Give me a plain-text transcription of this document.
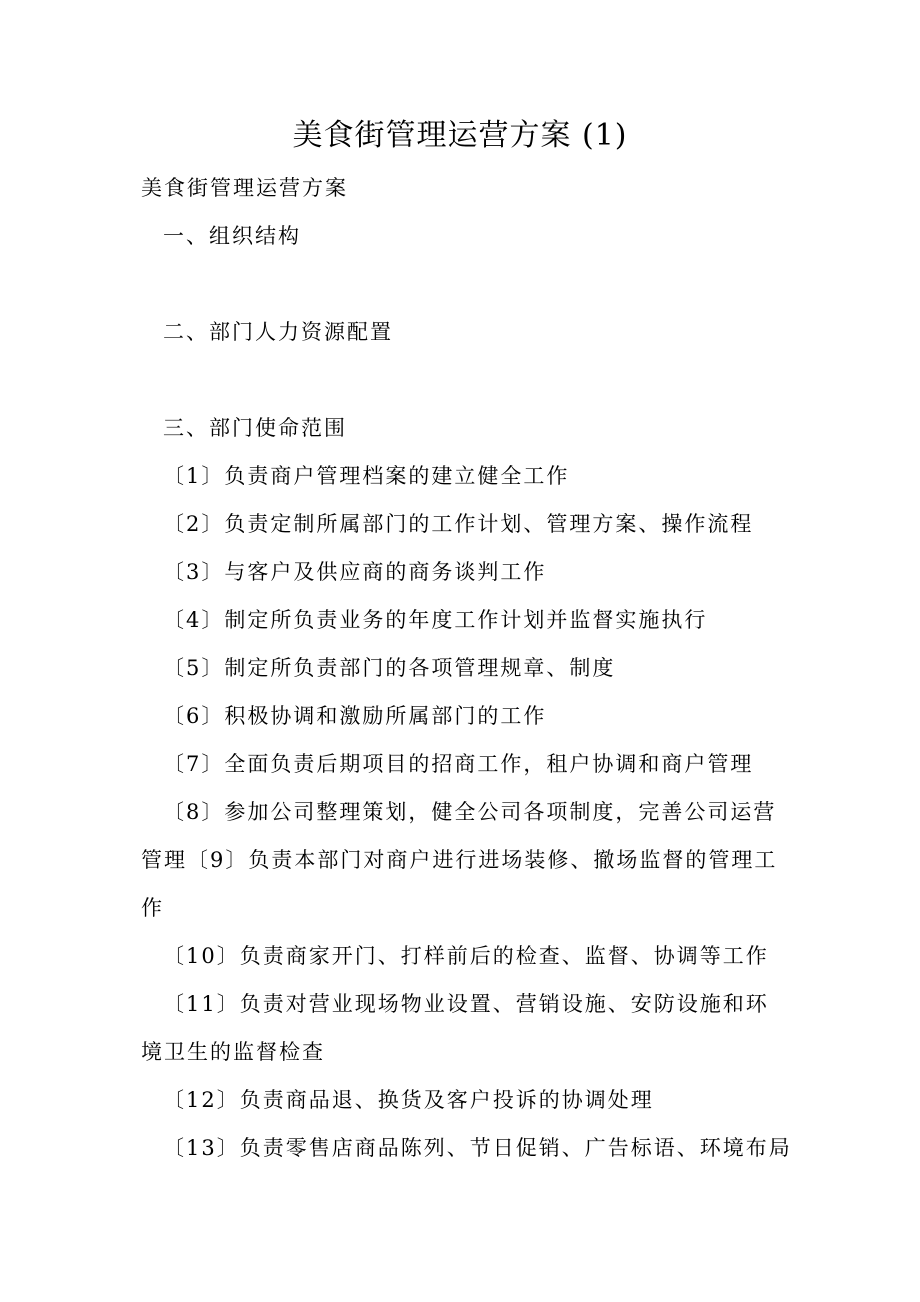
美食街管理运营方案 (1)

美食街管理运营方案

一、组织结构

二、部门人力资源配置

三、部门使命范围

〔1〕负责商户管理档案的建立健全工作

〔2〕负责定制所属部门的工作计划、管理方案、操作流程

〔3〕与客户及供应商的商务谈判工作

〔4〕制定所负责业务的年度工作计划并监督实施执行

〔5〕制定所负责部门的各项管理规章、制度

〔6〕积极协调和激励所属部门的工作

〔7〕全面负责后期项目的招商工作，租户协调和商户管理

〔8〕参加公司整理策划，健全公司各项制度，完善公司运营管理〔9〕负责本部门对商户进行进场装修、撤场监督的管理工作

〔10〕负责商家开门、打样前后的检查、监督、协调等工作

〔11〕负责对营业现场物业设置、营销设施、安防设施和环境卫生的监督检查

〔12〕负责商品退、换货及客户投诉的协调处理

〔13〕负责零售店商品陈列、节日促销、广告标语、环境布局
